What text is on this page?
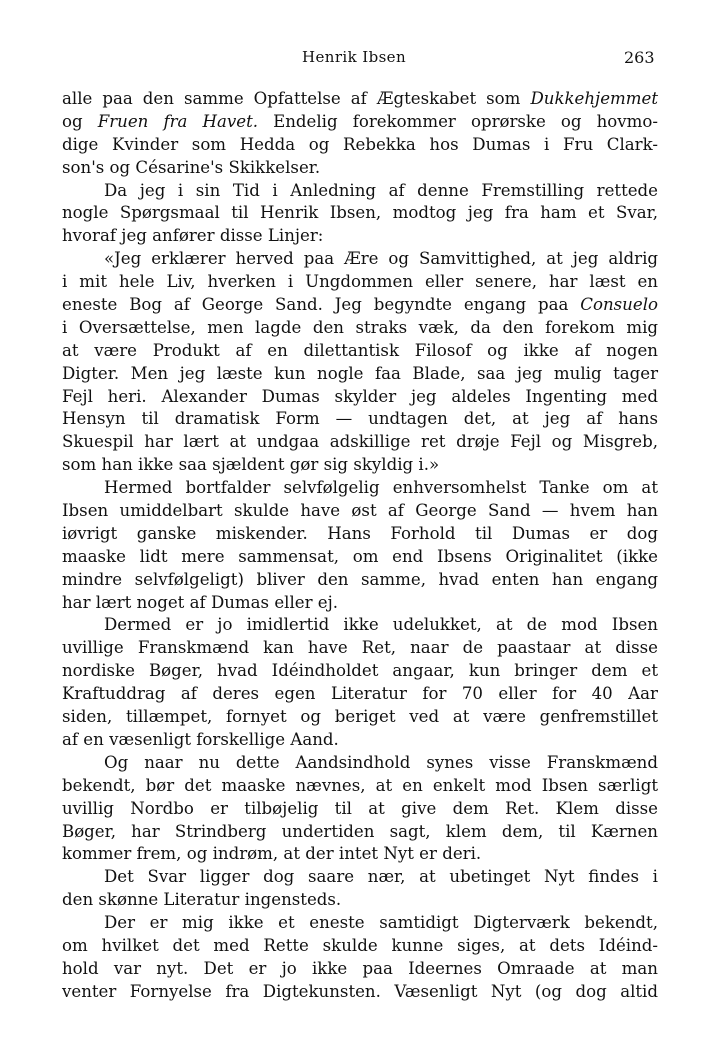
Henrik Ibsen	263
alle paa den samme Opfattelse af Ægteskabet som Dukkehjemmet
og Fruen fra Havet. Endelig forekommer oprørske og hovmo-
dige Kvinder som Hedda og Rebekka hos Dumas i Fru Clark-
son's og Césarine's Skikkelser.
Da jeg i sin Tid i Anledning af denne Fremstilling rettede
nogle Spørgsmaal til Henrik Ibsen, modtog jeg fra ham et Svar,
hvoraf jeg anfører disse Linjer:
«Jeg erklærer herved paa Ære og Samvittighed, at jeg aldrig
i mit hele Liv, hverken i Ungdommen eller senere, har læst en
eneste Bog af George Sand. Jeg begyndte engang paa Consuelo
i Oversættelse, men lagde den straks væk, da den forekom mig
at være Produkt af en dilettantisk Filosof og ikke af nogen
Digter. Men jeg læste kun nogle faa Blade, saa jeg mulig tager
Fejl heri. Alexander Dumas skylder jeg aldeles Ingenting med
Hensyn til dramatisk Form — undtagen det, at jeg af hans
Skuespil har lært at undgaa adskillige ret drøje Fejl og Misgreb,
som han ikke saa sjældent gør sig skyldig i.»
Hermed bortfalder selvfølgelig enhversomhelst Tanke om at
Ibsen umiddelbart skulde have øst af George Sand — hvem han
iøvrigt ganske miskender. Hans Forhold til Dumas er dog
maaske lidt mere sammensat, om end Ibsens Originalitet (ikke
mindre selvfølgeligt) bliver den samme, hvad enten han engang
har lært noget af Dumas eller ej.
Dermed er jo imidlertid ikke udelukket, at de mod Ibsen
uvillige Franskmænd kan have Ret, naar de paastaar at disse
nordiske Bøger, hvad Idéindholdet angaar, kun bringer dem et
Kraftuddrag af deres egen Literatur for 70 eller for 40 Aar
siden, tillæmpet, fornyet og beriget ved at være genfremstillet
af en væsenligt forskellige Aand.
Og naar nu dette Aandsindhold synes visse Franskmænd
bekendt, bør det maaske nævnes, at en enkelt mod Ibsen særligt
uvillig Nordbo er tilbøjelig til at give dem Ret. Klem disse
Bøger, har Strindberg undertiden sagt, klem dem, til Kærnen
kommer frem, og indrøm, at der intet Nyt er deri.
Det Svar ligger dog saare nær, at ubetinget Nyt findes i
den skønne Literatur ingensteds.
Der er mig ikke et eneste samtidigt Digterværk bekendt,
om hvilket det med Rette skulde kunne siges, at dets Idéind-
hold var nyt. Det er jo ikke paa Ideernes Omraade at man
venter Fornyelse fra Digtekunsten. Væsenligt Nyt (og dog altid
